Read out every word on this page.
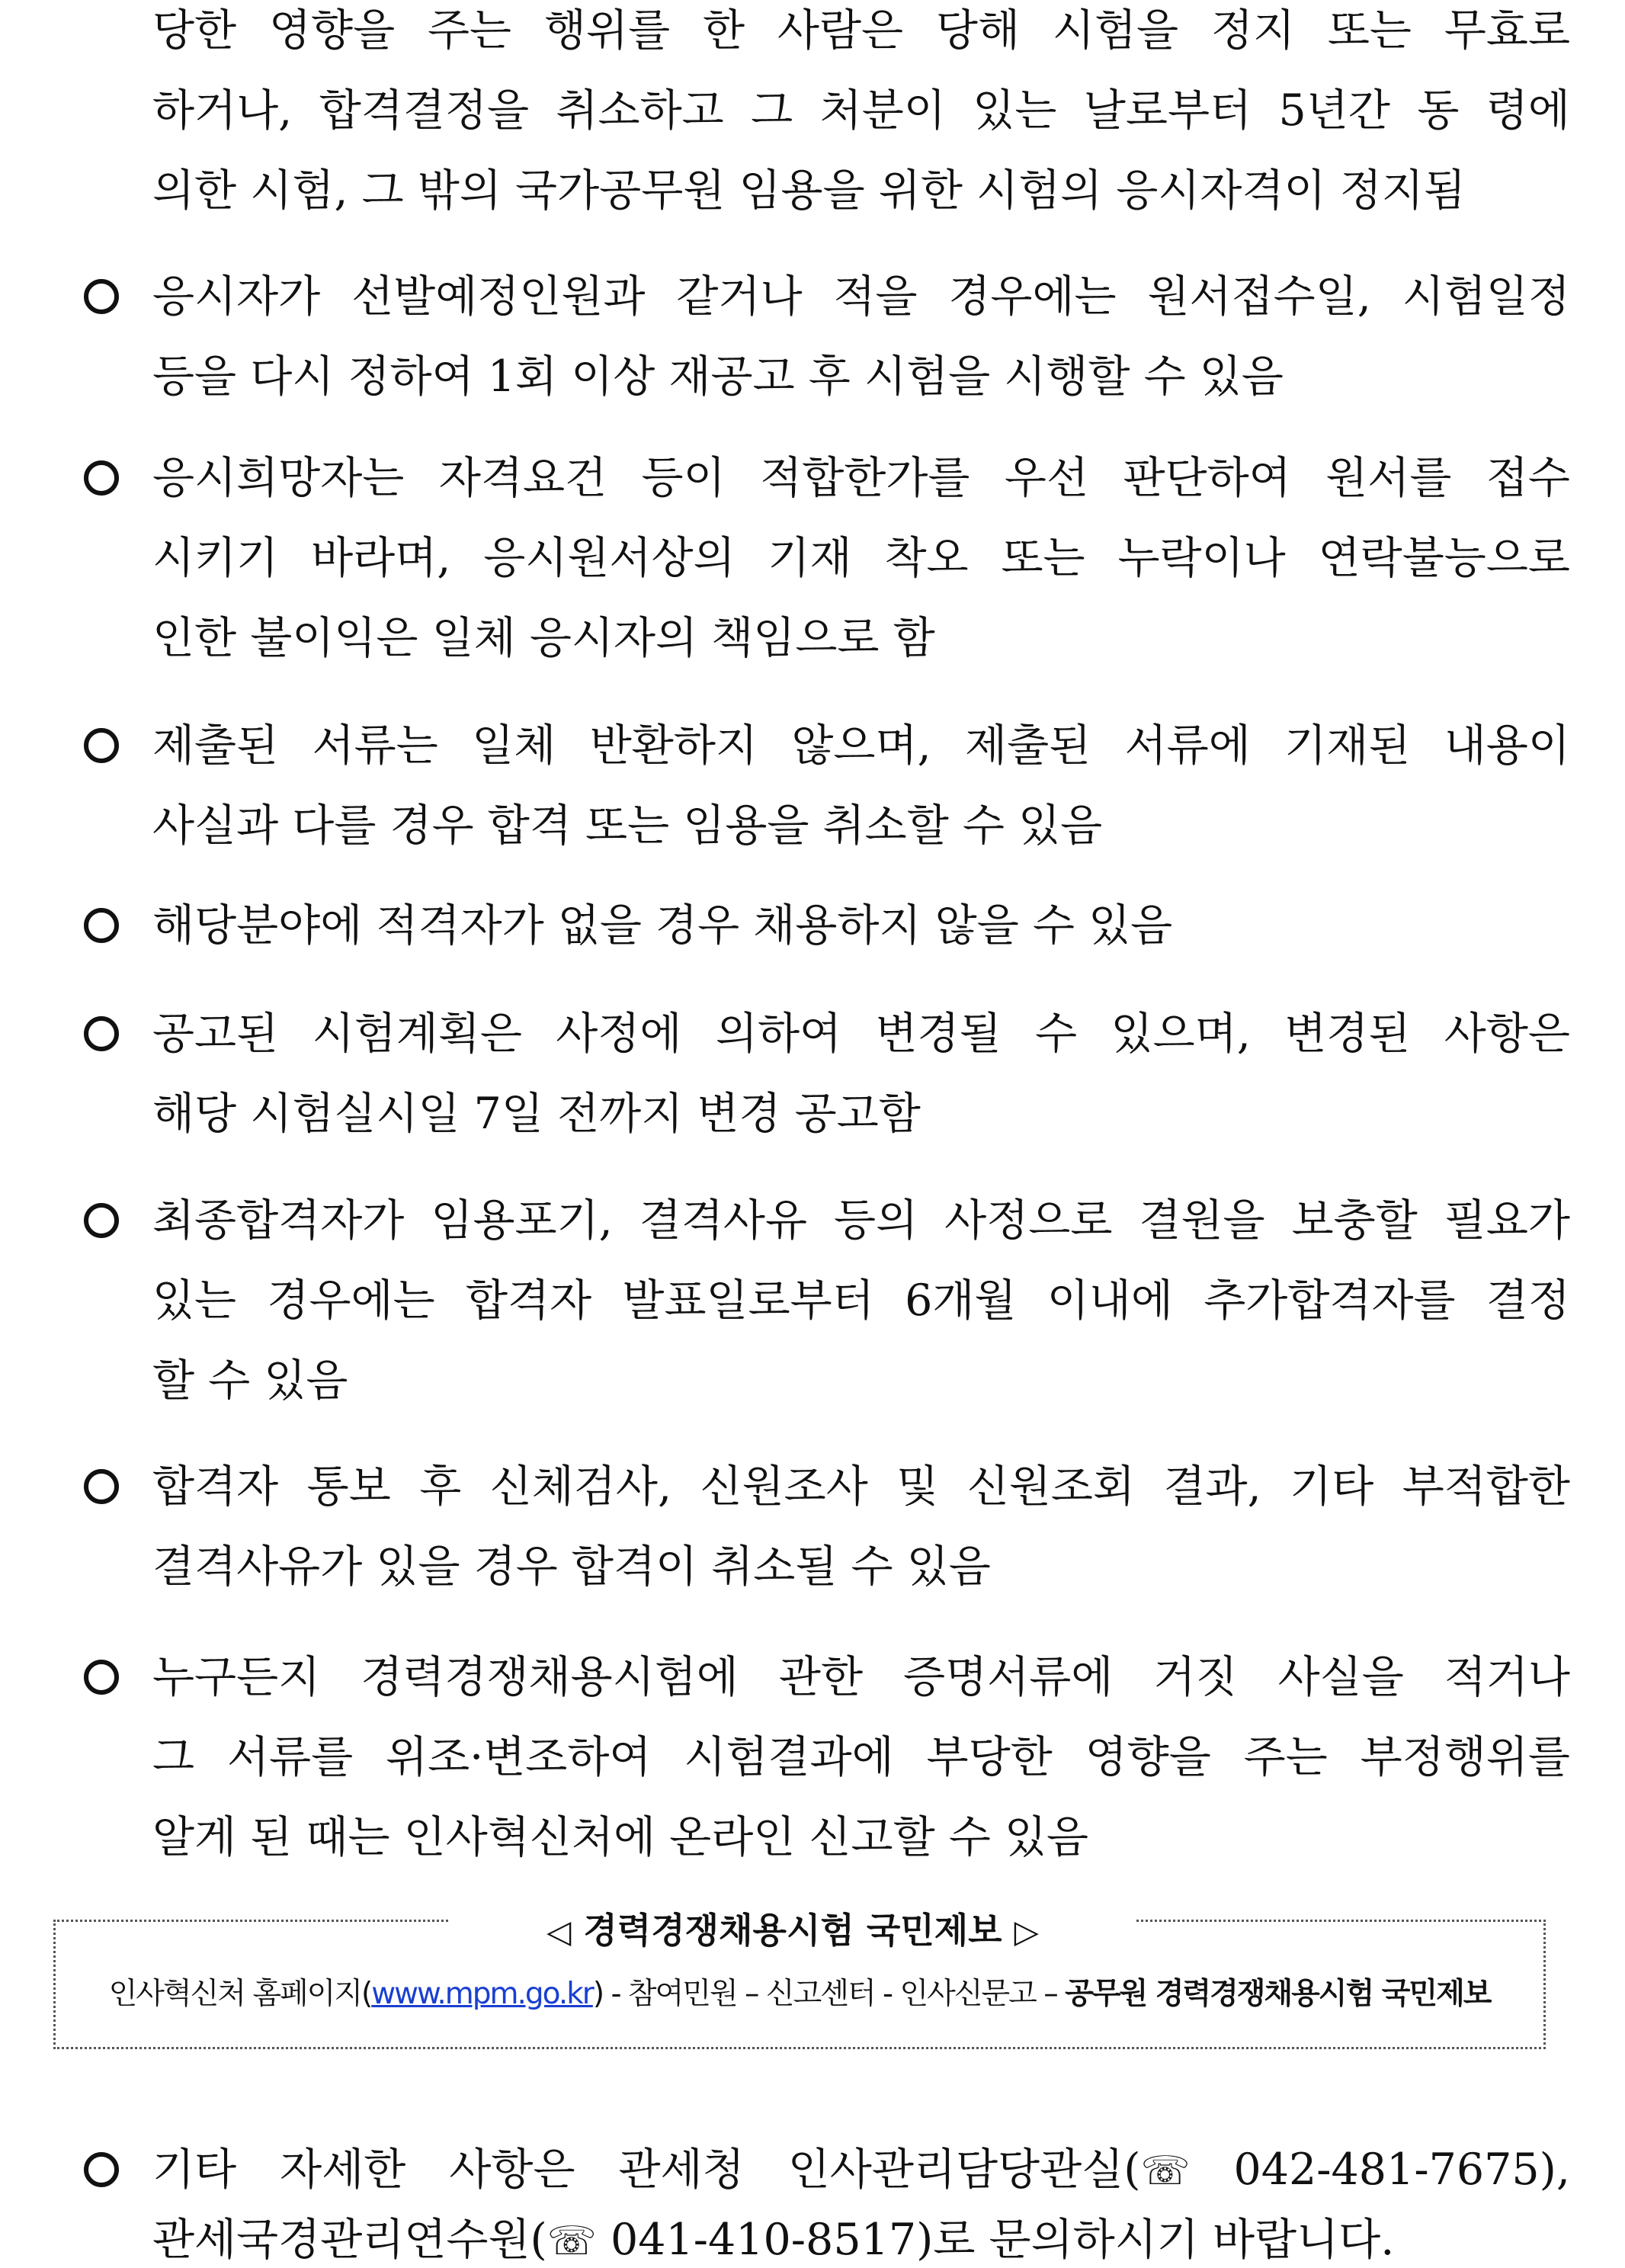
당한 영향을 주는 행위를 한 사람은 당해 시험을 정지 또는 무효로
하거나, 합격결정을 취소하고 그 처분이 있는 날로부터 5년간 동 령에
의한 시험, 그 밖의 국가공무원 임용을 위한 시험의 응시자격이 정지됨
응시자가 선발예정인원과 같거나 적을 경우에는 원서접수일, 시험일정
등을 다시 정하여 1회 이상 재공고 후 시험을 시행할 수 있음
응시희망자는 자격요건 등이 적합한가를 우선 판단하여 원서를 접수
시키기 바라며, 응시원서상의 기재 착오 또는 누락이나 연락불능으로
인한 불이익은 일체 응시자의 책임으로 함
제출된 서류는 일체 반환하지 않으며, 제출된 서류에 기재된 내용이
사실과 다를 경우 합격 또는 임용을 취소할 수 있음
해당분야에 적격자가 없을 경우 채용하지 않을 수 있음
공고된 시험계획은 사정에 의하여 변경될 수 있으며, 변경된 사항은
해당 시험실시일 7일 전까지 변경 공고함
최종합격자가 임용포기, 결격사유 등의 사정으로 결원을 보충할 필요가
있는 경우에는 합격자 발표일로부터 6개월 이내에 추가합격자를 결정
할 수 있음
합격자 통보 후 신체검사, 신원조사 및 신원조회 결과, 기타 부적합한
결격사유가 있을 경우 합격이 취소될 수 있음
누구든지 경력경쟁채용시험에 관한 증명서류에 거짓 사실을 적거나
그 서류를 위조·변조하여 시험결과에 부당한 영향을 주는 부정행위를
알게 된 때는 인사혁신처에 온라인 신고할 수 있음
◁ 경력경쟁채용시험 국민제보 ▷
인사혁신처 홈페이지(www.mpm.go.kr) - 참여민원 – 신고센터 - 인사신문고 – 공무원 경력경쟁채용시험 국민제보
기타 자세한 사항은 관세청 인사관리담당관실(☏ 042-481-7675),
관세국경관리연수원(☏ 041-410-8517)로 문의하시기 바랍니다.
